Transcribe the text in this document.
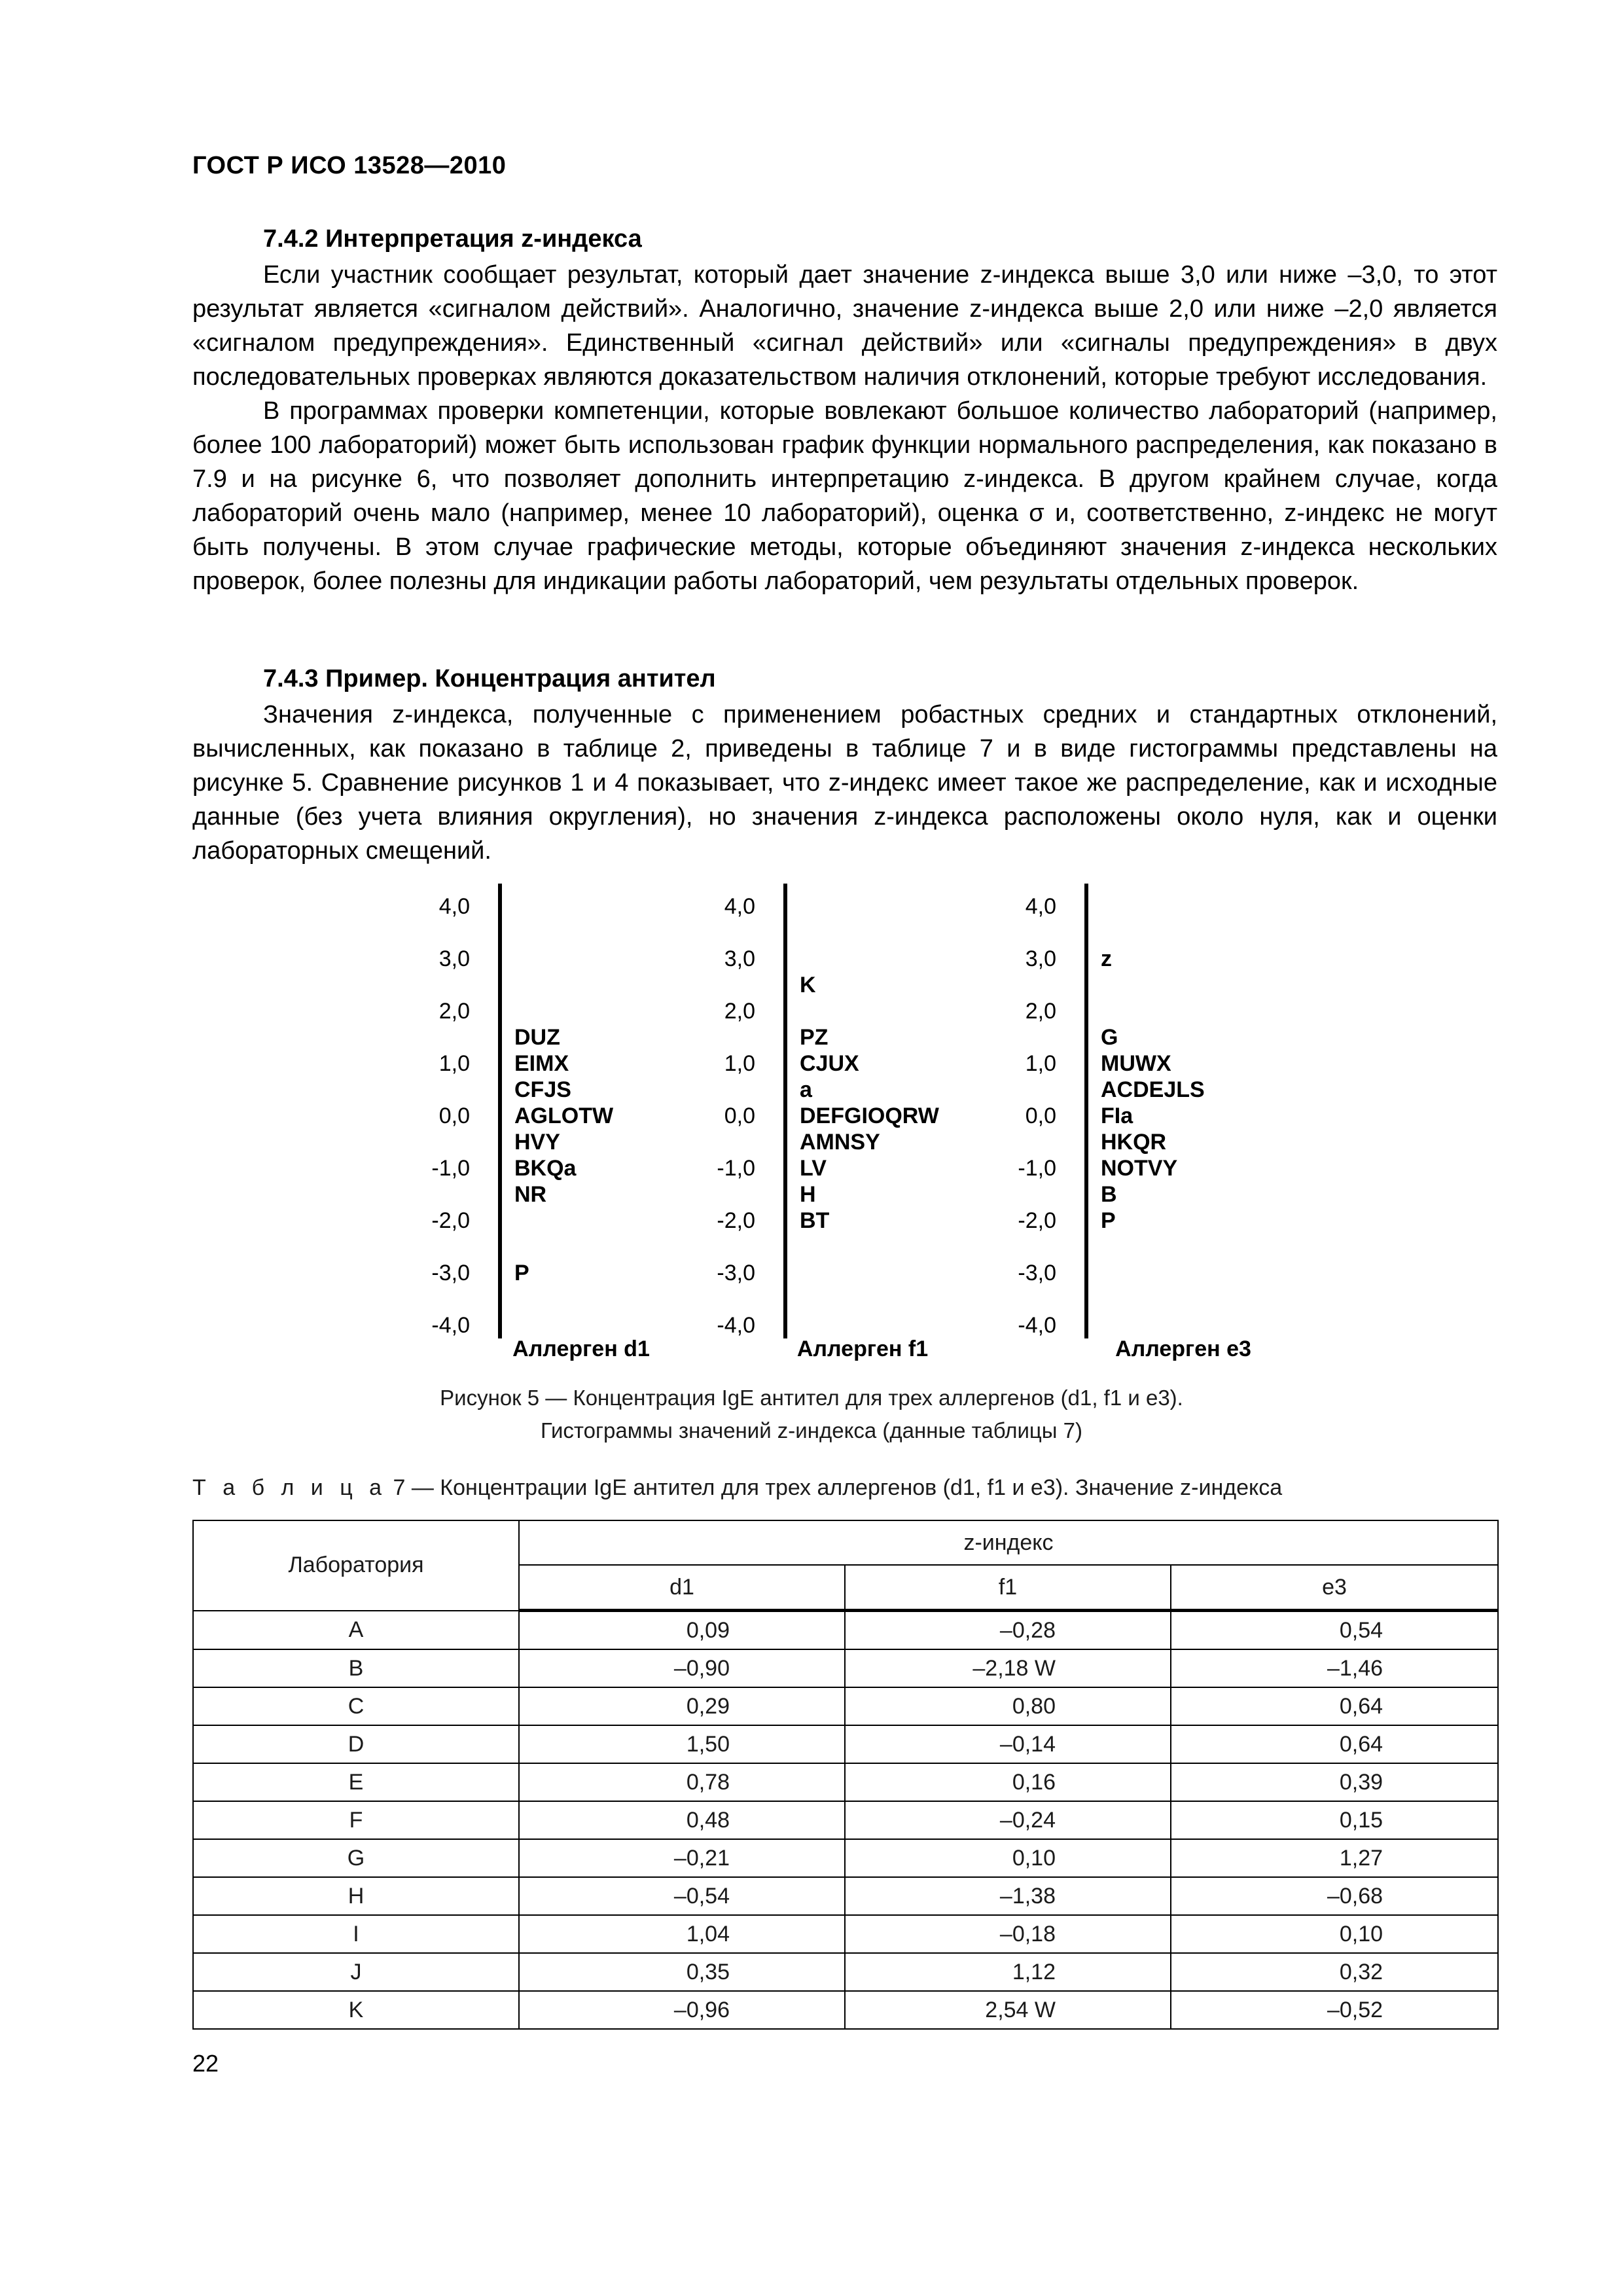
ГОСТ Р ИСО 13528—2010
7.4.2 Интерпретация z-индекса

Если участник сообщает результат, который дает значение z-индекса выше 3,0 или ниже –3,0, то этот результат является «сигналом действий». Аналогично, значение z-индекса выше 2,0 или ниже –2,0 является «сигналом предупреждения». Единственный «сигнал действий» или «сигналы предупреждения» в двух последовательных проверках являются доказательством наличия отклонений, которые требуют исследования.

В программах проверки компетенции, которые вовлекают большое количество лабораторий (например, более 100 лабораторий) может быть использован график функции нормального распределения, как показано в 7.9 и на рисунке 6, что позволяет дополнить интерпретацию z-индекса. В другом крайнем случае, когда лабораторий очень мало (например, менее 10 лабораторий), оценка σ и, соответственно, z-индекс не могут быть получены. В этом случае графические методы, которые объединяют значения z-индекса нескольких проверок, более полезны для индикации работы лабораторий, чем результаты отдельных проверок.

7.4.3 Пример. Концентрация антител

Значения z-индекса, полученные с применением робастных средних и стандартных отклонений, вычисленных, как показано в таблице 2, приведены в таблице 7 и в виде гистограммы представлены на рисунке 5. Сравнение рисунков 1 и 4 показывает, что z-индекс имеет такое же распределение, как и исходные данные (без учета влияния округления), но значения z-индекса расположены около нуля, как и оценки лабораторных смещений.

4,0
3,0
2,0
1,0
0,0
-1,0
-2,0
-3,0
-4,0
DUZ
EIMX
CFJS
AGLOTW
HVY
BKQa
NR
P
Аллерген d1
4,0
3,0
2,0
1,0
0,0
-1,0
-2,0
-3,0
-4,0
K
PZ
CJUX
a
DEFGIOQRW
AMNSY
LV
H
BT
Аллерген f1
4,0
3,0
2,0
1,0
0,0
-1,0
-2,0
-3,0
-4,0
z
G
MUWX
ACDEJLS
FIa
HKQR
NOTVY
B
P
Аллерген e3
Рисунок 5 — Концентрация IgE антител для трех аллергенов (d1, f1 и e3).
Гистограммы значений z-индекса (данные таблицы 7)
Т а б л и ц а 7 — Концентрации IgE антител для трех аллергенов (d1, f1 и e3). Значение z-индекса
Лаборатория	z-индекс		
	d1	f1	e3
A	0,09	–0,28	0,54
B	–0,90	–2,18 W	–1,46
C	0,29	0,80	0,64
D	1,50	–0,14	0,64
E	0,78	0,16	0,39
F	0,48	–0,24	0,15
G	–0,21	0,10	1,27
H	–0,54	–1,38	–0,68
I	1,04	–0,18	0,10
J	0,35	1,12	0,32
K	–0,96	2,54 W	–0,52
22
